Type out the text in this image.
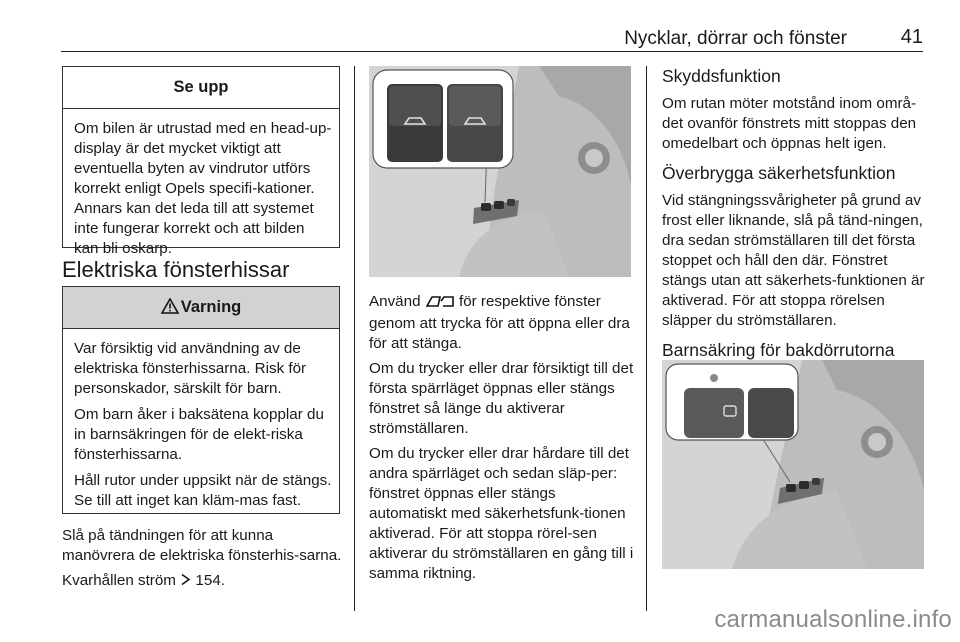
Nycklar, dörrar och fönster	41
Se upp

Om bilen är utrustad med en head-up-display är det mycket viktigt att eventuella byten av vindrutor utförs korrekt enligt Opels specifi-kationer. Annars kan det leda till att systemet inte fungerar korrekt och att bilden kan bli oskarp.

Elektriska fönsterhissar
Varning

Var försiktig vid användning av de elektriska fönsterhissarna. Risk för personskador, särskilt för barn.

Om barn åker i baksätena kopplar du in barnsäkringen för de elekt-riska fönsterhissarna.

Håll rutor under uppsikt när de stängs. Se till att inget kan kläm-mas fast.

Slå på tändningen för att kunna manövrera de elektriska fönsterhis-sarna.

Kvarhållen ström 154.

Använd	för respektive fönster genom att trycka för att öppna eller dra för att stänga.

Om du trycker eller drar försiktigt till det första spärrläget öppnas eller stängs fönstret så länge du aktiverar strömställaren.

Om du trycker eller drar hårdare till det andra spärrläget och sedan släp-per: fönstret öppnas eller stängs automatiskt med säkerhetsfunk-tionen aktiverad. För att stoppa rörel-sen aktiverar du strömställaren en gång till i samma riktning.

Skyddsfunktion

Om rutan möter motstånd inom områ-det ovanför fönstrets mitt stoppas den omedelbart och öppnas helt igen.

Överbrygga säkerhetsfunktion

Vid stängningssvårigheter på grund av frost eller liknande, slå på tänd-ningen, dra sedan strömställaren till det första stoppet och håll den där. Fönstret stängs utan att säkerhets-funktionen är aktiverad. För att stoppa rörelsen släpper du strömställaren.

Barnsäkring för bakdörrutorna
carmanualsonline.info
